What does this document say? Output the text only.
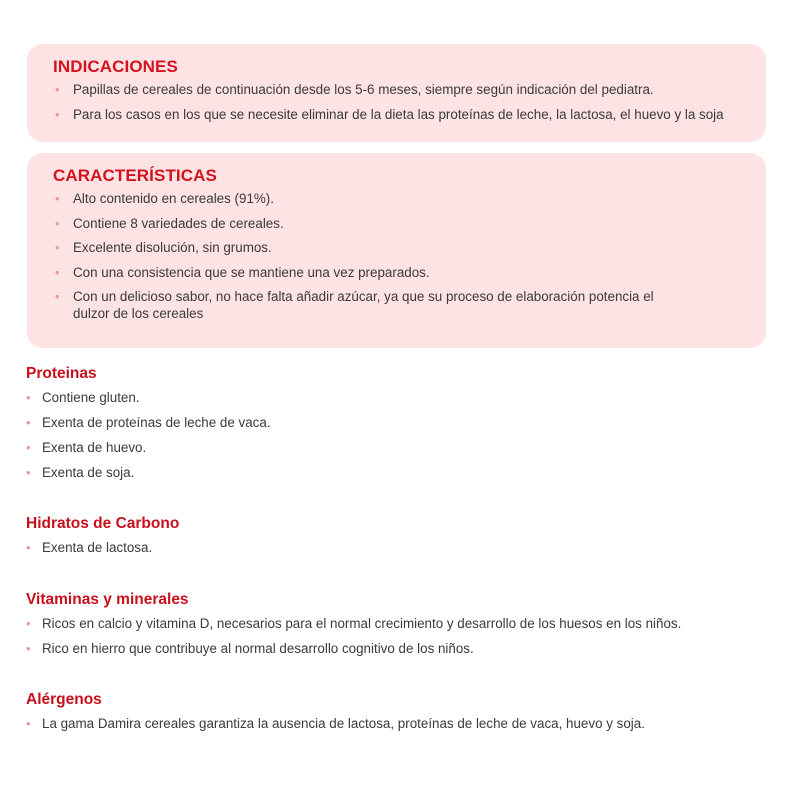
INDICACIONES
• Papillas de cereales de continuación desde los 5-6 meses, siempre según indicación del pediatra.
• Para los casos en los que se necesite eliminar de la dieta las proteínas de leche, la lactosa, el huevo y la soja
CARACTERÍSTICAS
• Alto contenido en cereales (91%).
• Contiene 8 variedades de cereales.
• Excelente disolución, sin grumos.
• Con una consistencia que se mantiene una vez preparados.
• Con un delicioso sabor, no hace falta añadir azúcar, ya que su proceso de elaboración potencia el dulzor de los cereales
Proteinas
• Contiene gluten.
• Exenta de proteínas de leche de vaca.
• Exenta de huevo.
• Exenta de soja.
Hidratos de Carbono
• Exenta de lactosa.
Vitaminas y minerales
• Ricos en calcio y vitamina D, necesarios para el normal crecimiento y desarrollo de los huesos en los niños.
• Rico en hierro que contribuye al normal desarrollo cognitivo de los niños.
Alérgenos
• La gama Damira cereales garantiza la ausencia de lactosa, proteínas de leche de vaca, huevo y soja.
